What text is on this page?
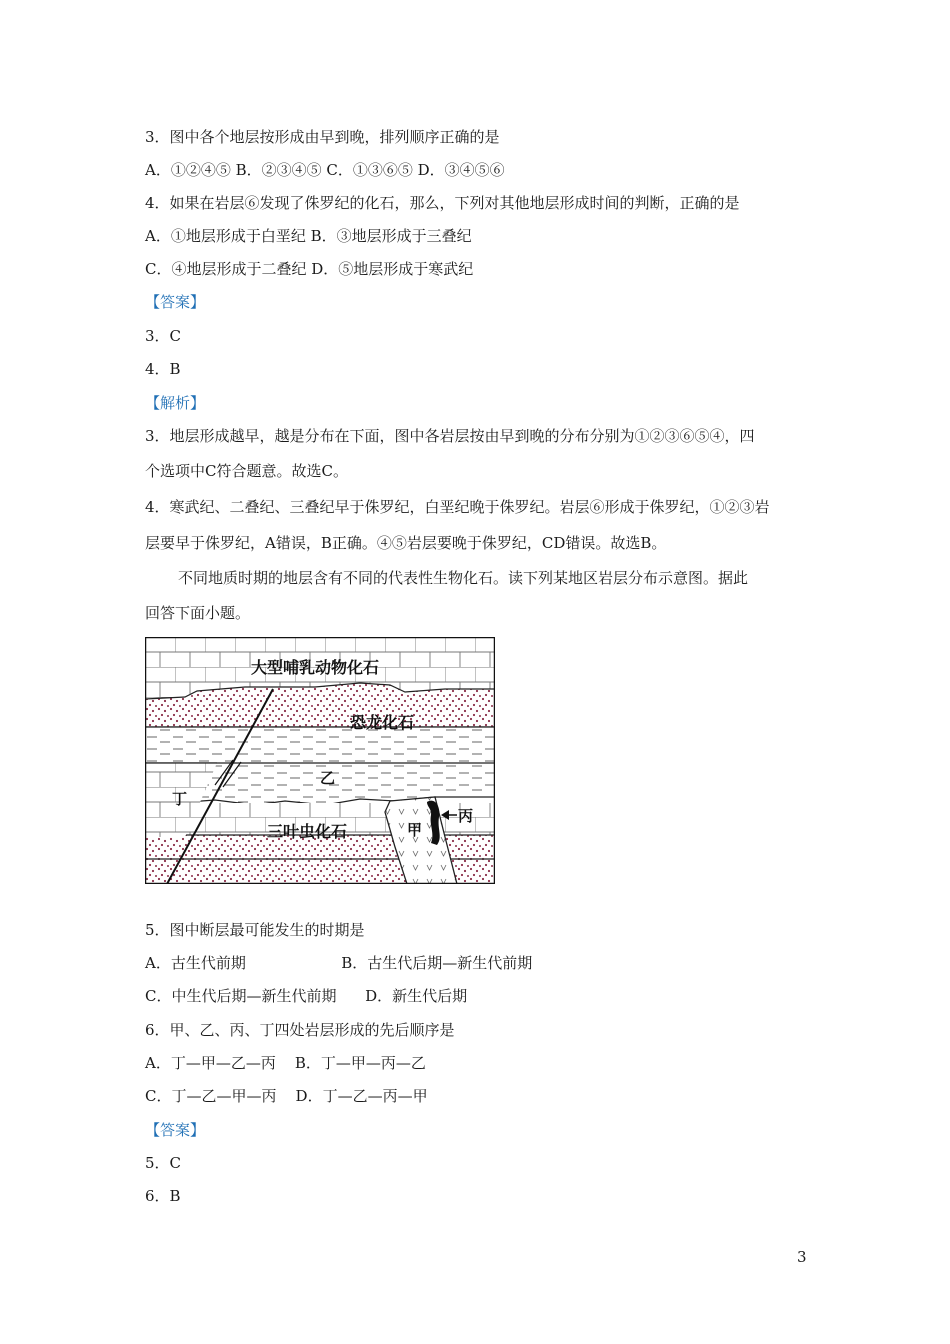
3．图中各个地层按形成由早到晚，排列顺序正确的是
A．①②④⑤ B．②③④⑤ C．①③⑥⑤ D．③④⑤⑥
4．如果在岩层⑥发现了侏罗纪的化石，那么，下列对其他地层形成时间的判断，正确的是
A．①地层形成于白垩纪 B．③地层形成于三叠纪
C．④地层形成于二叠纪 D．⑤地层形成于寒武纪
【答案】
3．C
4．B
【解析】
3．地层形成越早，越是分布在下面，图中各岩层按由早到晚的分布分别为①②③⑥⑤④，四
个选项中C符合题意。故选C。
4．寒武纪、二叠纪、三叠纪早于侏罗纪，白垩纪晚于侏罗纪。岩层⑥形成于侏罗纪，①②③岩
层要早于侏罗纪，A错误，B正确。④⑤岩层要晚于侏罗纪，CD错误。故选B。
不同地质时期的地层含有不同的代表性生物化石。读下列某地区岩层分布示意图。据此
回答下面小题。
大型哺乳动物化石
恐龙化石
乙
丁
三叶虫化石	甲
丙
5．图中断层最可能发生的时期是
A．古生代前期                    B．古生代后期—新生代前期
C．中生代后期—新生代前期      D．新生代后期
6．甲、乙、丙、丁四处岩层形成的先后顺序是
A．丁—甲—乙—丙    B．丁—甲—丙—乙
C．丁—乙—甲—丙    D．丁—乙—丙—甲
【答案】
5．C
6．B
3
